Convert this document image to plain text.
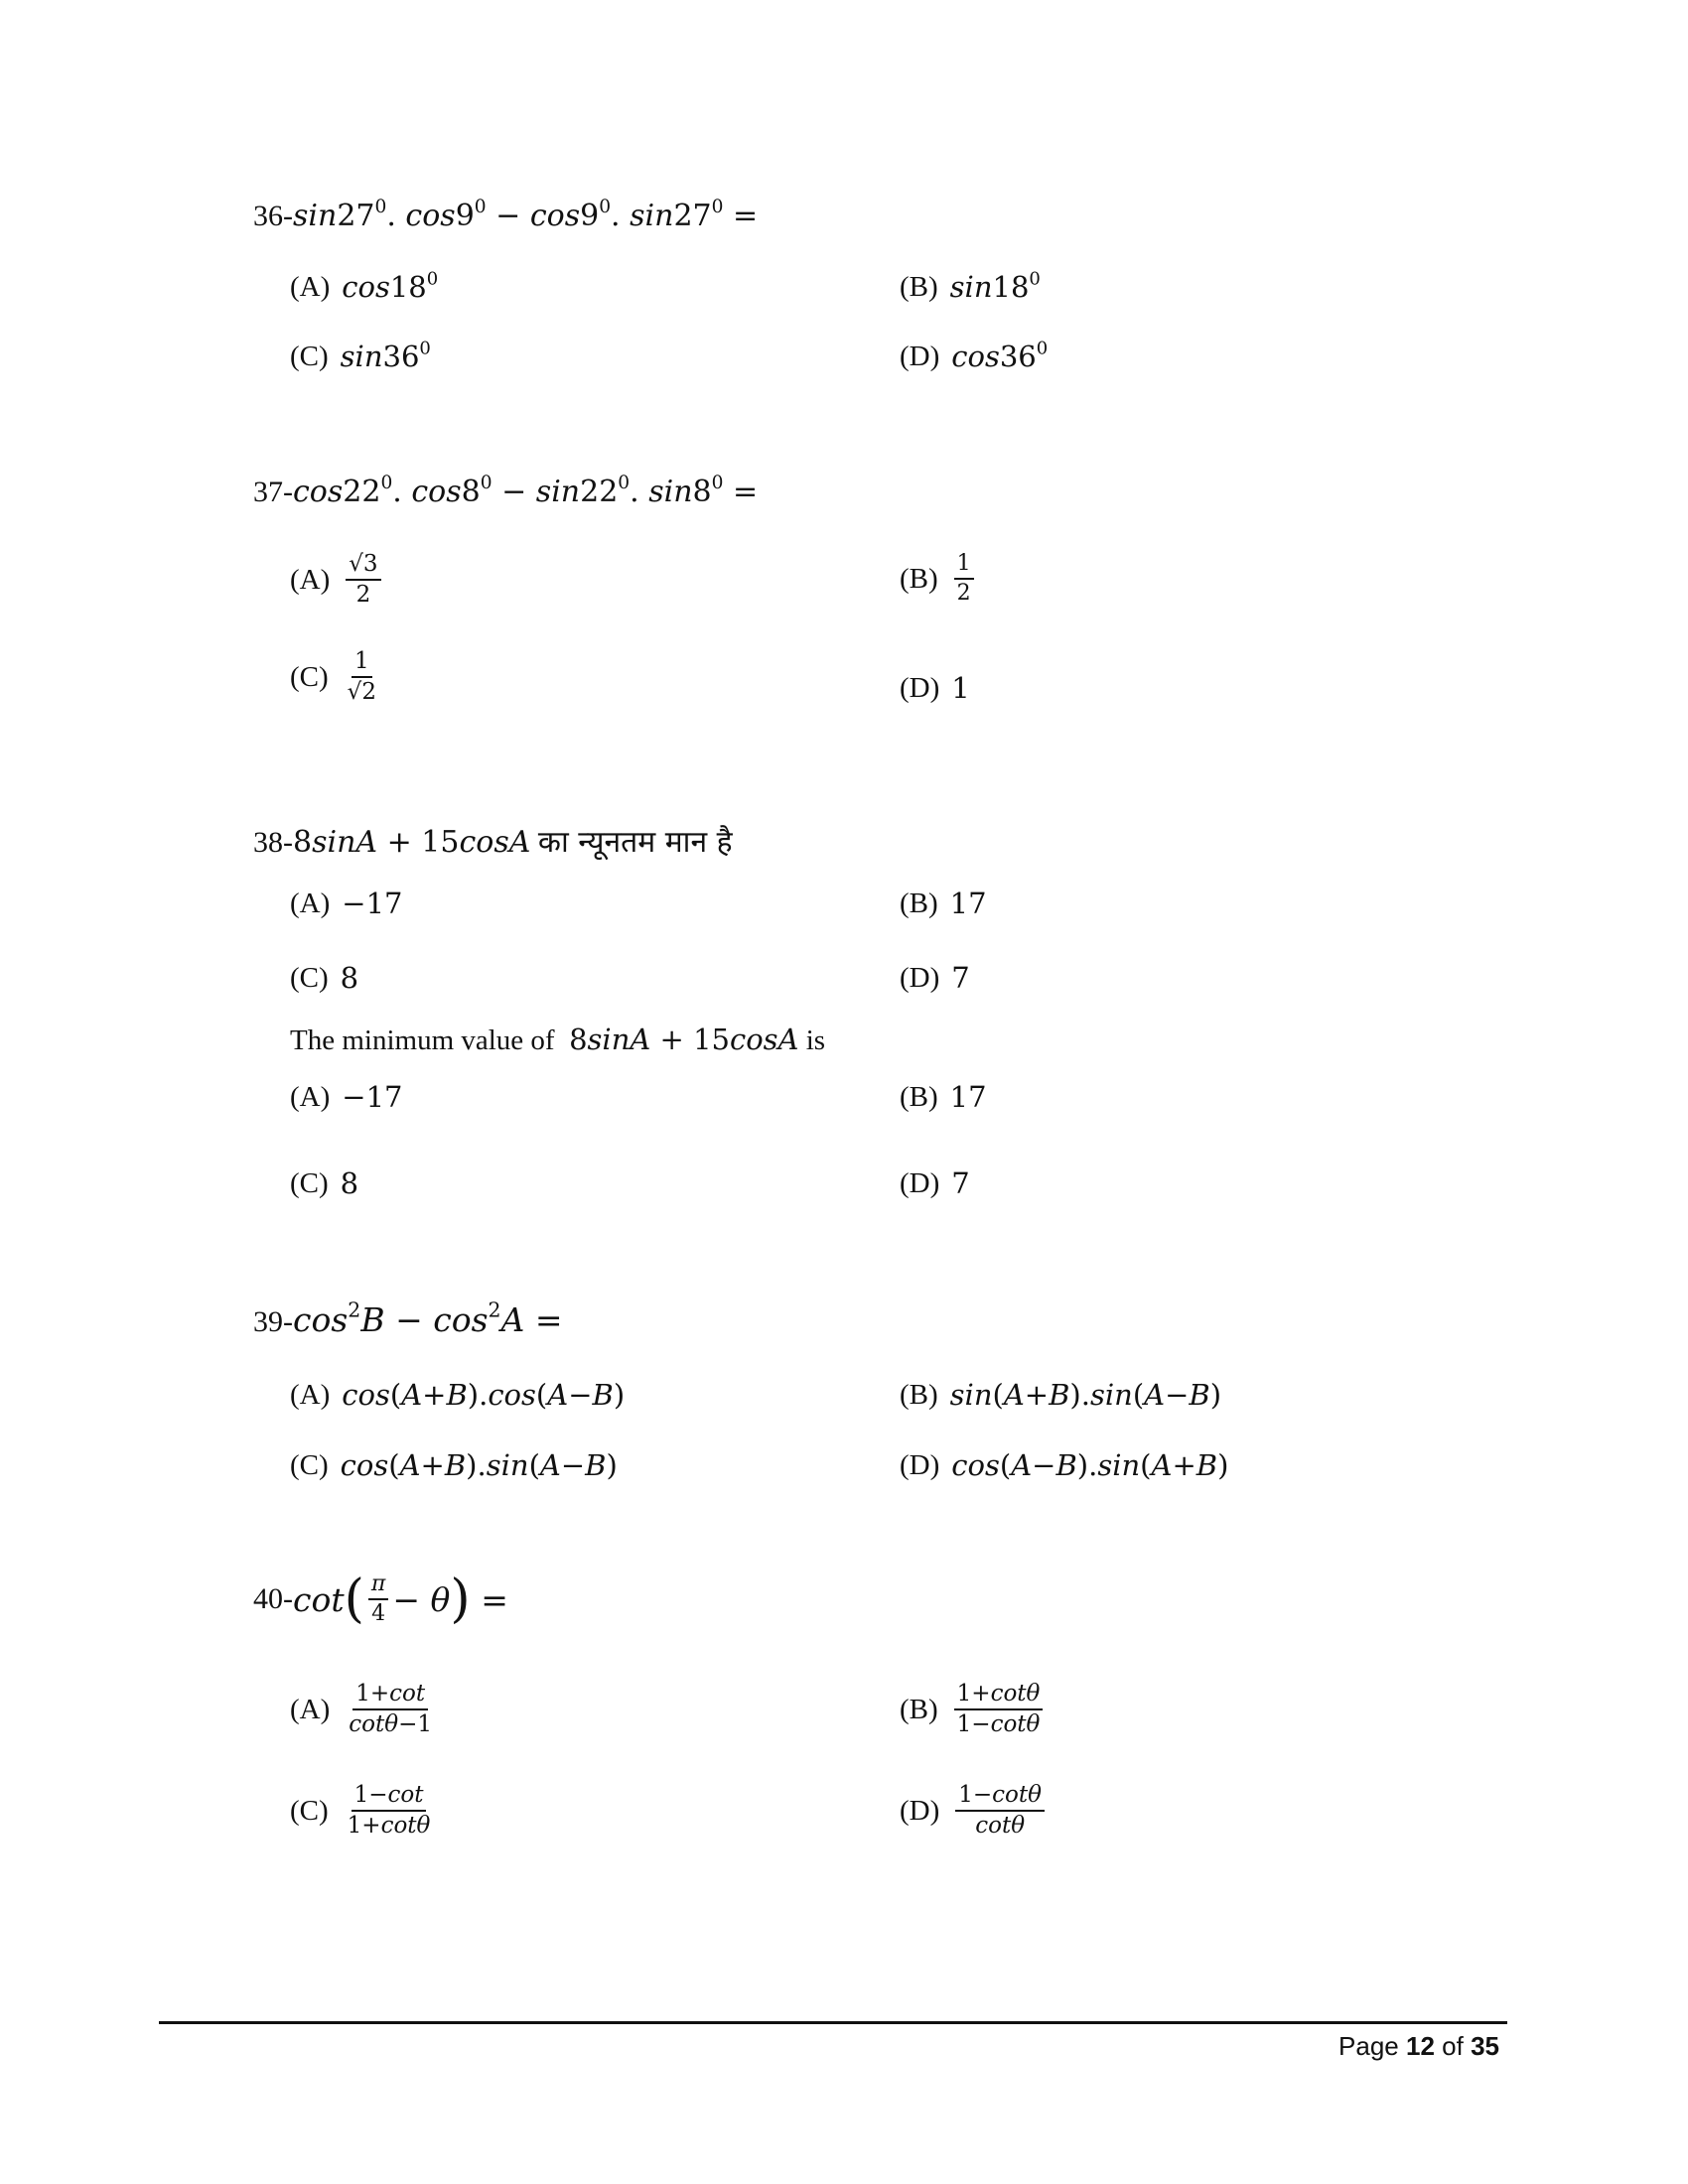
$36-\sin 27^0$. $\cos 9^0 - \cos 9^0$. $\sin 27^0$ =
(A) $\cos 18^0$	(B) $\sin 18^0$
(C) $\sin 36^0$	(D) $\cos 36^0$
$37-\cos 22^0$. $\cos 8^0 - \sin 22^0$. $\sin 8^0$ =
$(A) \frac{√3}{2}$	$(B) \frac{1}{2}$
$(C) \frac{1}{√2}$	(D) 1
38-8sinA + 15cosA का न्यूनतम मान है
(A) −17	(B) 17
(C) 8	(D) 7
The minimum value of 8sinA + 15cosA is
(A) −17	(B) 17
(C) 8	(D) 7
$39-\cos^2B - \cos^2A$ =
(A) cos ( A + B ). cos ( A − B )	(B) sin ( A + B ). sin ( A − B )
(C) cos ( A + B ). sin ( A − B )	(D) cos ( A − B ). sin ( A + B )
40- cot ( $\frac{\pi}{4} - \theta$ ) =
$(A) \frac{1+\cot}{\cot\theta-1}$	$(B) \frac{1+\cot\theta}{1-\cot\theta}$
$(C) \frac{1-\cot}{1+\cot\theta}$	$(D) \frac{1-\cot\theta}{\cot\theta}$
Page 12 of 35
